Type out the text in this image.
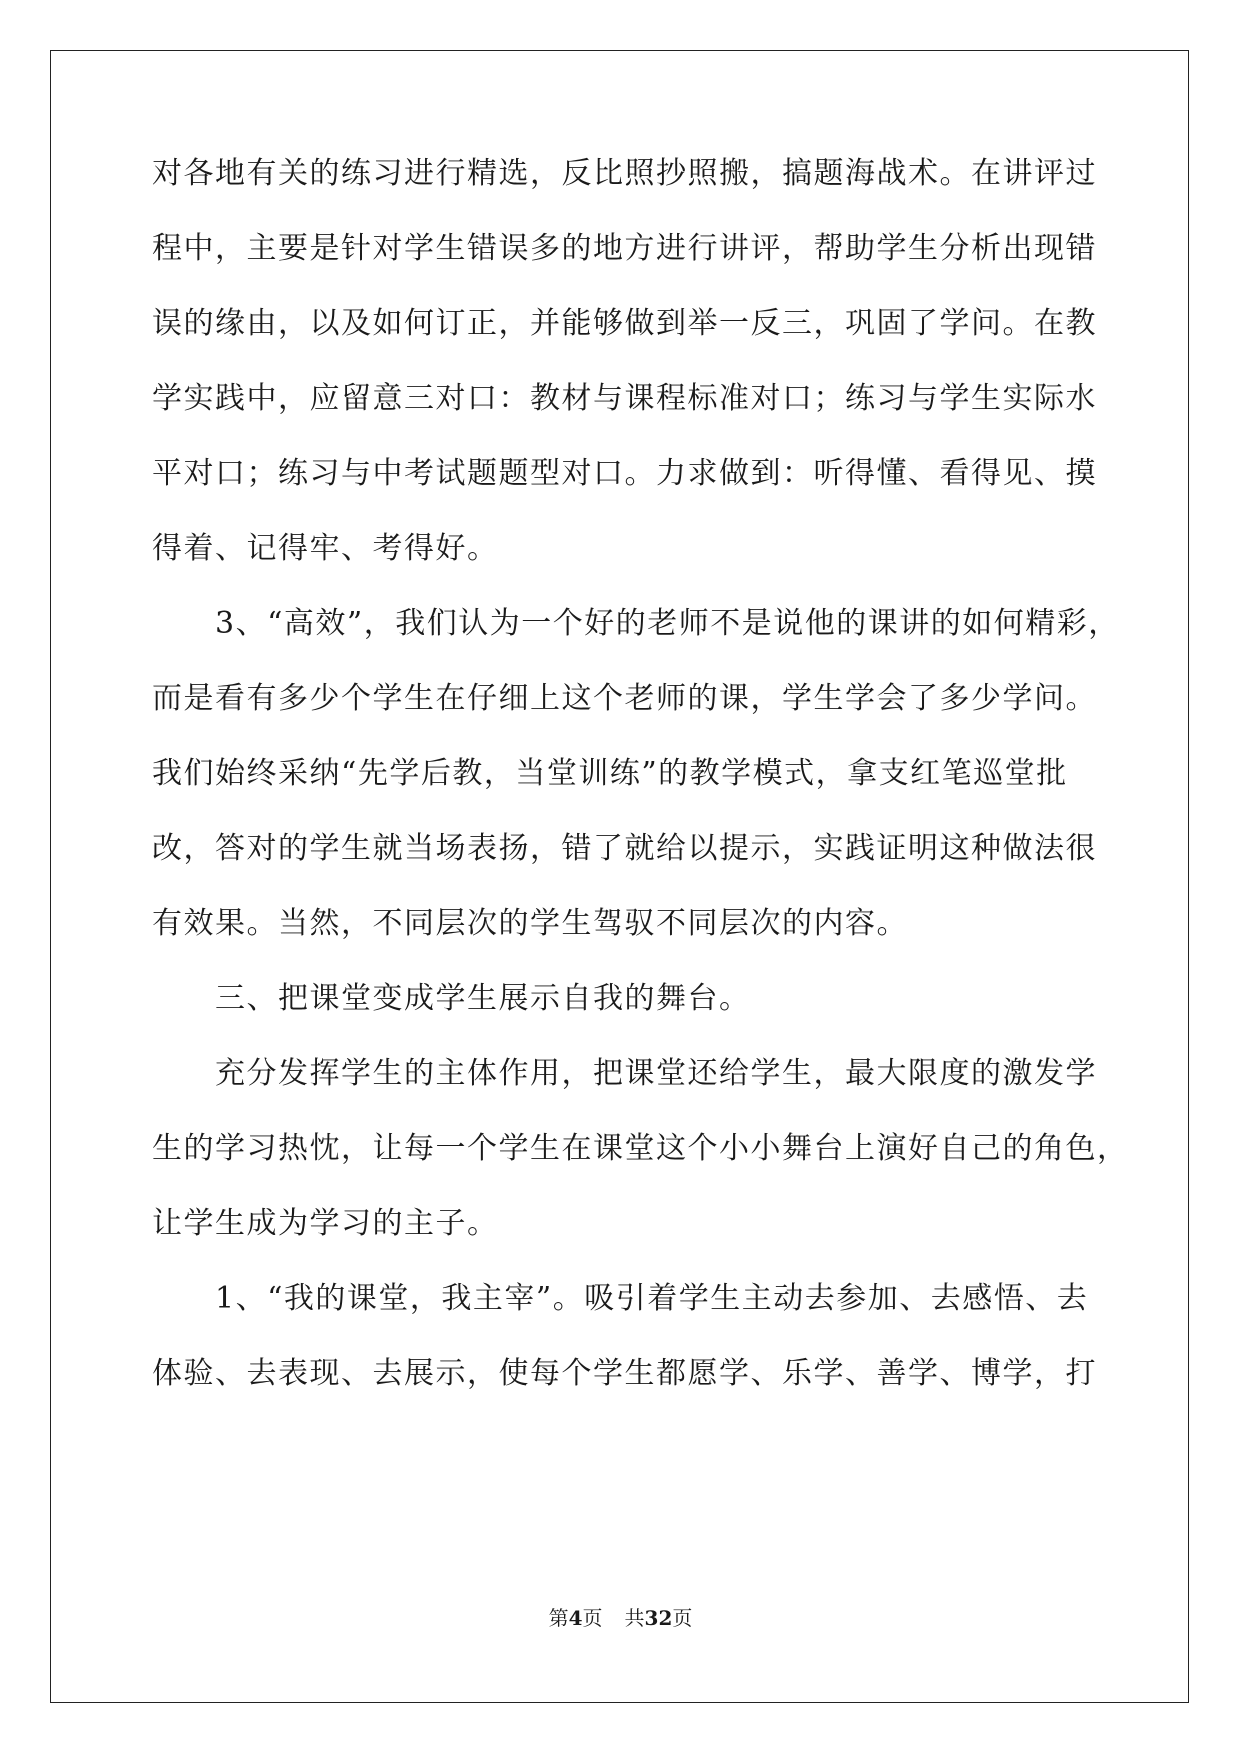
对各地有关的练习进行精选，反比照抄照搬，搞题海战术。在讲评过
程中，主要是针对学生错误多的地方进行讲评，帮助学生分析出现错
误的缘由，以及如何订正，并能够做到举一反三，巩固了学问。在教
学实践中，应留意三对口：教材与课程标准对口；练习与学生实际水
平对口；练习与中考试题题型对口。力求做到：听得懂、看得见、摸
得着、记得牢、考得好。
　　3、“高效”，我们认为一个好的老师不是说他的课讲的如何精彩，
而是看有多少个学生在仔细上这个老师的课，学生学会了多少学问。
我们始终采纳“先学后教，当堂训练”的教学模式，拿支红笔巡堂批
改，答对的学生就当场表扬，错了就给以提示，实践证明这种做法很
有效果。当然，不同层次的学生驾驭不同层次的内容。
　　三、把课堂变成学生展示自我的舞台。
　　充分发挥学生的主体作用，把课堂还给学生，最大限度的激发学
生的学习热忱，让每一个学生在课堂这个小小舞台上演好自己的角色，
让学生成为学习的主子。
　　1、“我的课堂，我主宰”。吸引着学生主动去参加、去感悟、去
体验、去表现、去展示，使每个学生都愿学、乐学、善学、博学，打
第4页 共32页
